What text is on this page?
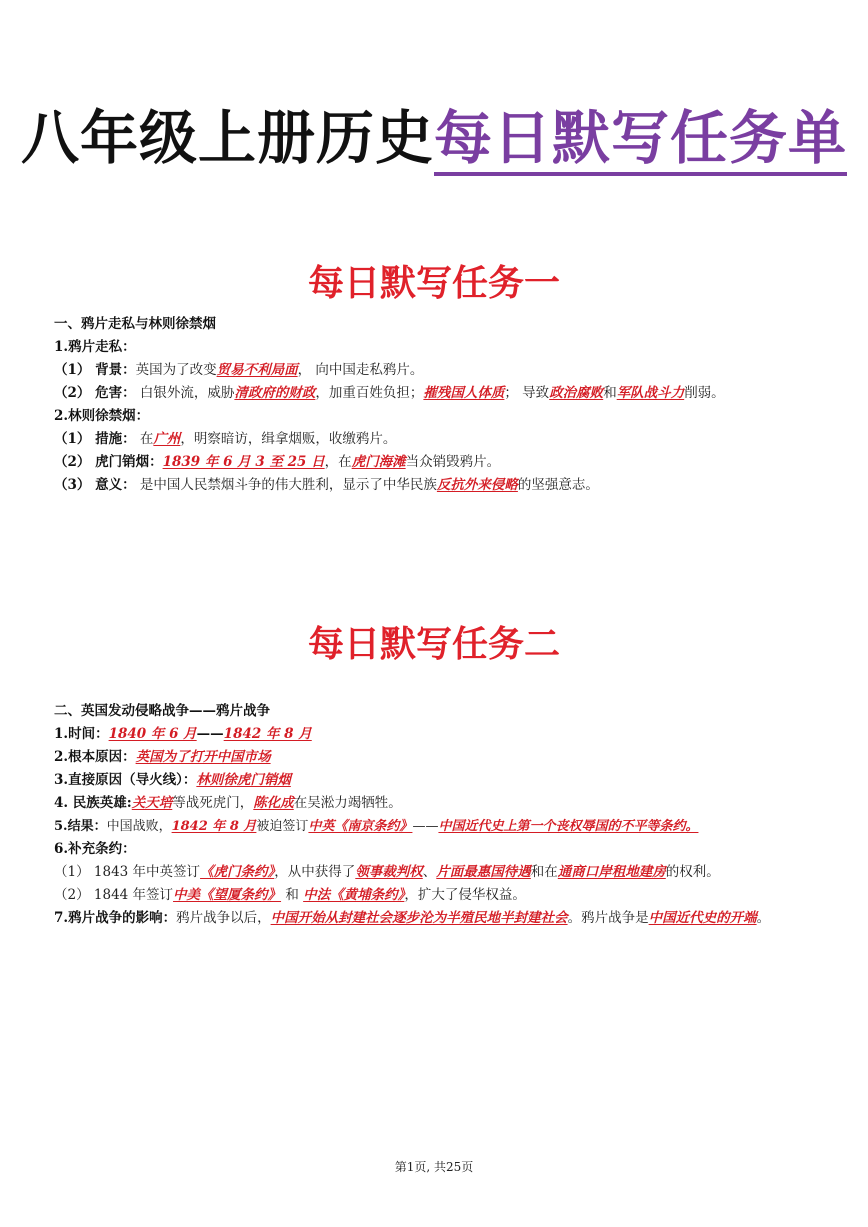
八年级上册历史每日默写任务单
每日默写任务一
一、鸦片走私与林则徐禁烟
1.鸦片走私：
（1） 背景：英国为了改变贸易不利局面， 向中国走私鸦片。
（2） 危害： 白银外流，威胁清政府的财政，加重百姓负担；摧残国人体质； 导致政治腐败和军队战斗力削弱。
2.林则徐禁烟：
（1） 措施： 在广州，明察暗访，缉拿烟贩，收缴鸦片。
（2） 虎门销烟：1839 年 6 月 3 至 25 日，在虎门海滩当众销毁鸦片。
（3） 意义： 是中国人民禁烟斗争的伟大胜利，显示了中华民族反抗外来侵略的坚强意志。
每日默写任务二
二、英国发动侵略战争——鸦片战争
1.时间：1840 年 6 月——1842 年 8 月
2.根本原因：英国为了打开中国市场
3.直接原因（导火线）：林则徐虎门销烟
4. 民族英雄:关天培等战死虎门，陈化成在吴淞力竭牺牲。
5.结果：中国战败，1842 年 8 月被迫签订中英《南京条约》——中国近代史上第一个丧权辱国的不平等条约。
6.补充条约：
（1） 1843 年中英签订《虎门条约》，从中获得了领事裁判权、片面最惠国待遇和在通商口岸租地建房的权利。
（2） 1844 年签订中美《望厦条约》 和 中法《黄埔条约》，扩大了侵华权益。
7.鸦片战争的影响：鸦片战争以后，中国开始从封建社会逐步沦为半殖民地半封建社会。鸦片战争是中国近代史的开端。
第1页, 共25页
